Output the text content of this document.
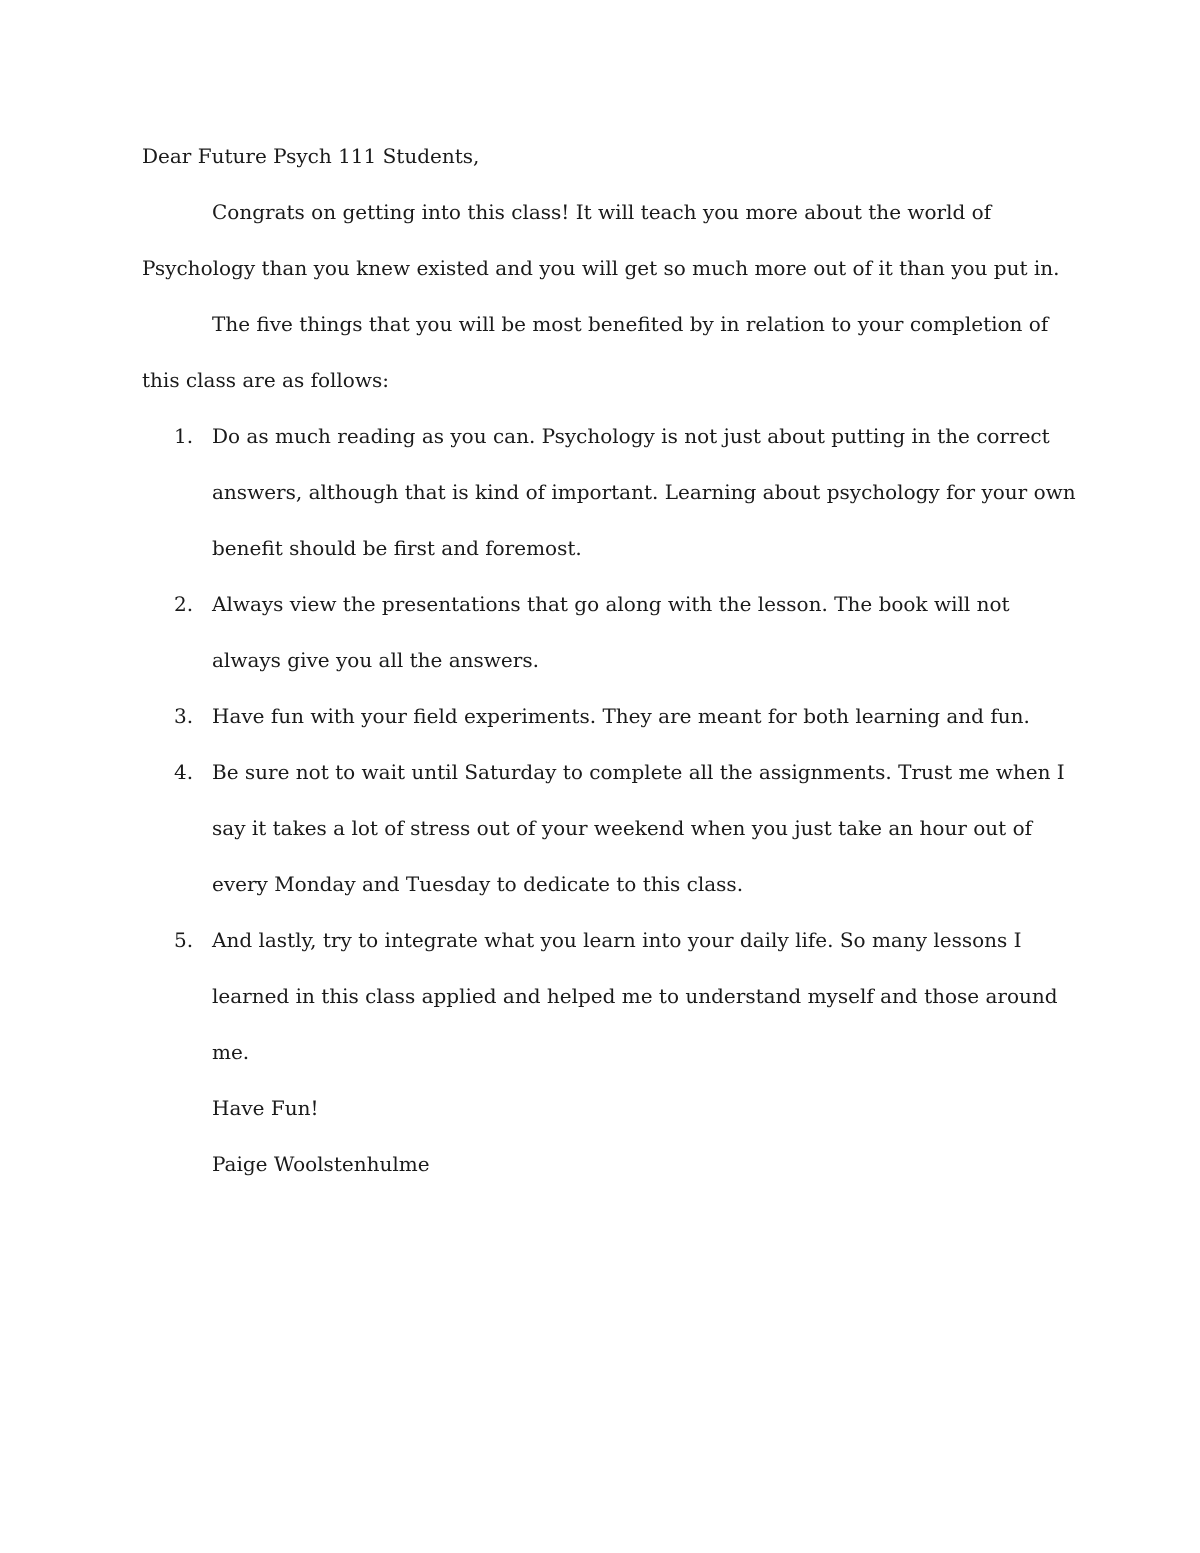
Dear Future Psych 111 Students,

Congrats on getting into this class! It will teach you more about the world of
Psychology than you knew existed and you will get so much more out of it than you put in.

The five things that you will be most benefited by in relation to your completion of
this class are as follows:

1. Do as much reading as you can. Psychology is not just about putting in the correct
answers, although that is kind of important. Learning about psychology for your own
benefit should be first and foremost.
2. Always view the presentations that go along with the lesson. The book will not
always give you all the answers.
3. Have fun with your field experiments. They are meant for both learning and fun.
4. Be sure not to wait until Saturday to complete all the assignments. Trust me when I
say it takes a lot of stress out of your weekend when you just take an hour out of
every Monday and Tuesday to dedicate to this class.
5. And lastly, try to integrate what you learn into your daily life. So many lessons I
learned in this class applied and helped me to understand myself and those around
me.
Have Fun!
Paige Woolstenhulme
